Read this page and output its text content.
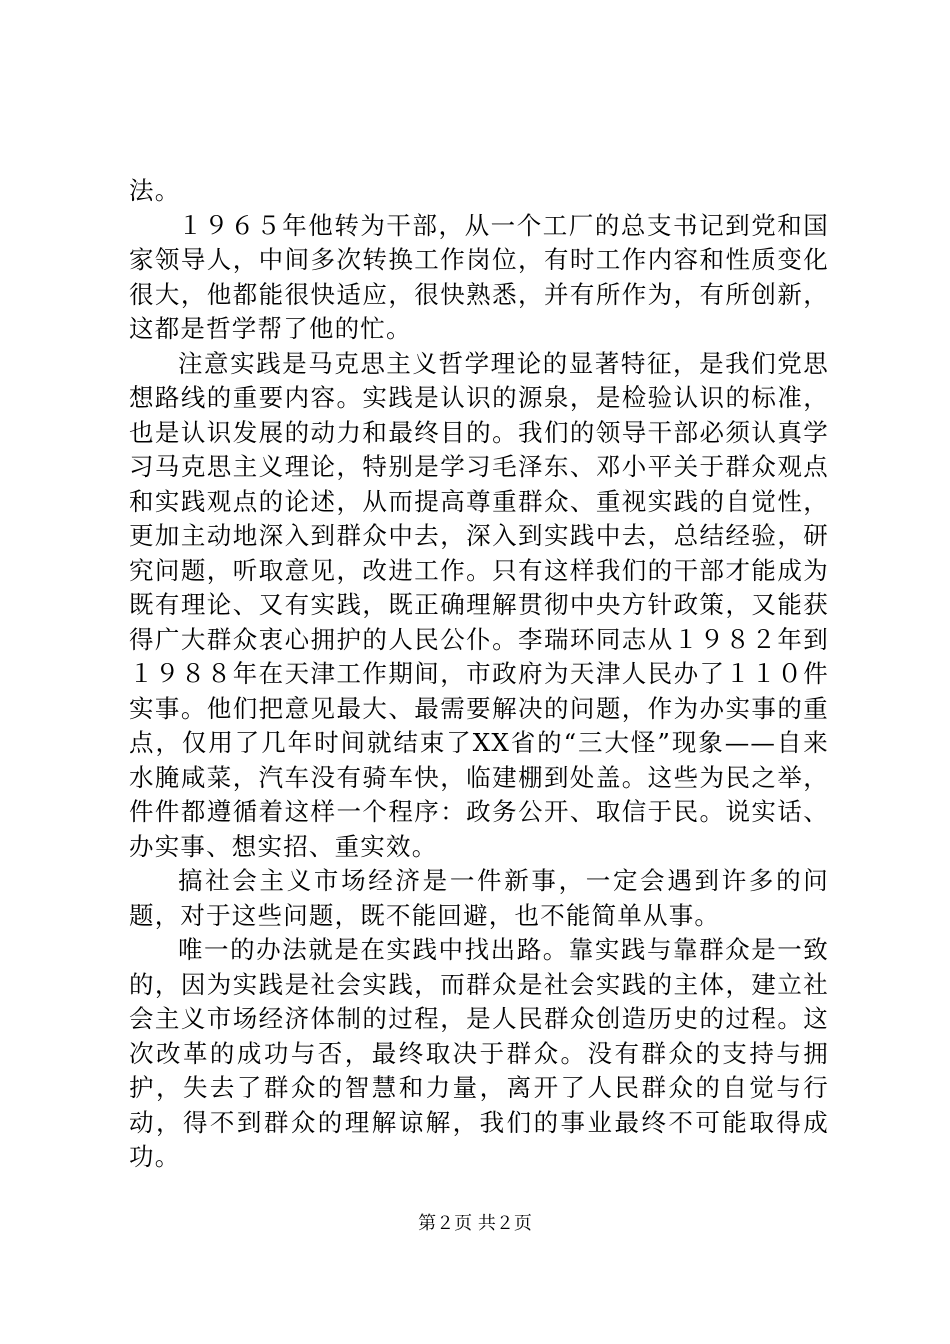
法。

１９６５年他转为干部，从一个工厂的总支书记到党和国家领导人，中间多次转换工作岗位，有时工作内容和性质变化很大，他都能很快适应，很快熟悉，并有所作为，有所创新，这都是哲学帮了他的忙。

注意实践是马克思主义哲学理论的显著特征，是我们党思想路线的重要内容。实践是认识的源泉，是检验认识的标准，也是认识发展的动力和最终目的。我们的领导干部必须认真学习马克思主义理论，特别是学习毛泽东、邓小平关于群众观点和实践观点的论述，从而提高尊重群众、重视实践的自觉性，更加主动地深入到群众中去，深入到实践中去，总结经验，研究问题，听取意见，改进工作。只有这样我们的干部才能成为既有理论、又有实践，既正确理解贯彻中央方针政策，又能获得广大群众衷心拥护的人民公仆。李瑞环同志从１９８２年到１９８８年在天津工作期间，市政府为天津人民办了１１０件实事。他们把意见最大、最需要解决的问题，作为办实事的重点，仅用了几年时间就结束了XX省的“三大怪”现象——自来水腌咸菜，汽车没有骑车快，临建棚到处盖。这些为民之举，件件都遵循着这样一个程序：政务公开、取信于民。说实话、办实事、想实招、重实效。

搞社会主义市场经济是一件新事，一定会遇到许多的问题，对于这些问题，既不能回避，也不能简单从事。

唯一的办法就是在实践中找出路。靠实践与靠群众是一致的，因为实践是社会实践，而群众是社会实践的主体，建立社会主义市场经济体制的过程，是人民群众创造历史的过程。这次改革的成功与否，最终取决于群众。没有群众的支持与拥护，失去了群众的智慧和力量，离开了人民群众的自觉与行动，得不到群众的理解谅解，我们的事业最终不可能取得成功。

第２页 共２页
